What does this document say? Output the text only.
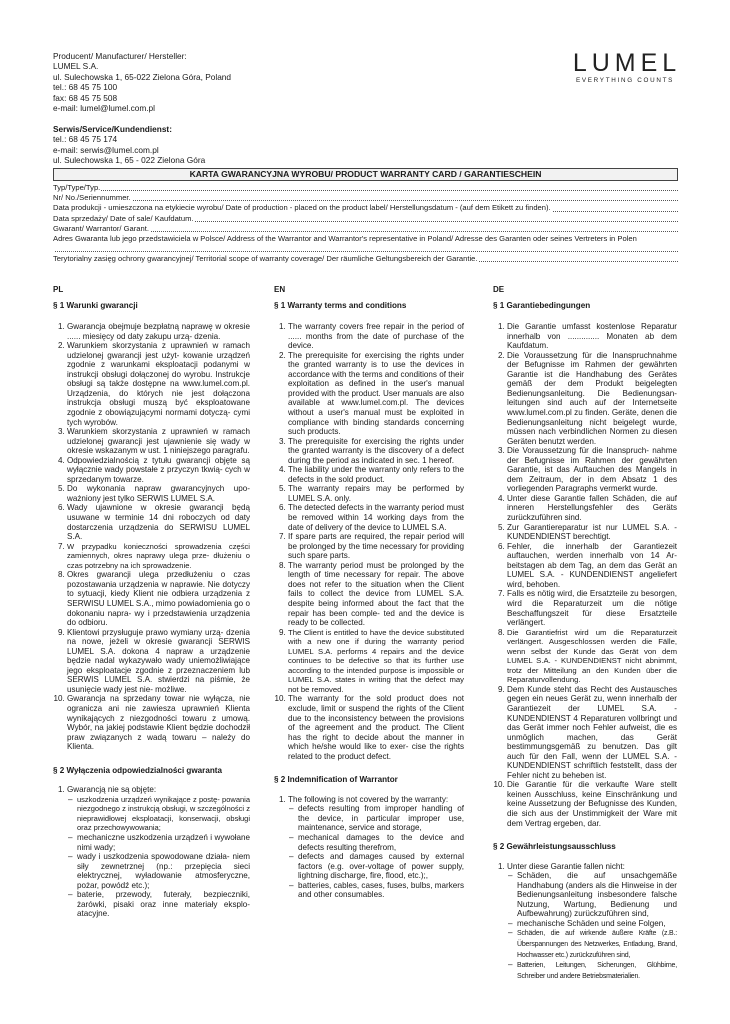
Producent/ Manufacturer/ Hersteller:
LUMEL S.A.
ul. Sulechowska 1, 65-022 Zielona Góra, Poland
tel.: 68 45 75 100
fax: 68 45 75 508
e-mail: lumel@lumel.com.pl
LUMEL
EVERYTHING COUNTS
Serwis/Service/Kundendienst:
tel.: 68 45 75 174
e-mail: serwis@lumel.com.pl
ul. Sulechowska 1, 65 - 022 Zielona Góra
KARTA GWARANCYJNA WYROBU/ PRODUCT WARRANTY CARD / GARANTIESCHEIN
Typ/Type/Typ.
Nr/ No./Seriennummer.
Data produkcji - umieszczona na etykiecie wyrobu/ Date of production - placed on the product label/ Herstellungsdatum - (auf dem Etikett zu finden).
Data sprzedaży/ Date of sale/ Kaufdatum.
Gwarant/ Warrantor/ Garant.
Adres Gwaranta lub jego przedstawiciela w Polsce/ Address of the Warrantor and Warrantor's representative in Poland/ Adresse des Garanten oder seines Vertreters in Polen
Terytorialny zasięg ochrony gwarancyjnej/ Territorial scope of warranty coverage/ Der räumliche Geltungsbereich der Garantie.
PL
§ 1 Warunki gwarancji
1. Gwarancja obejmuje bezpłatną naprawę w okresie ...... miesięcy od daty zakupu urzą- dzenia.
2. Warunkiem skorzystania z uprawnień w ramach udzielonej gwarancji jest użyt- kowanie urządzeń zgodnie z warunkami eksploatacji podanymi w instrukcji obsługi dołączonej do wyrobu. Instrukcje obsługi są także dostępne na www.lumel.com.pl. Urządzenia, do których nie jest dołączona instrukcja obsługi muszą być eksploatowane zgodnie z obowiązującymi normami dotyczą- cymi tych wyrobów.
3. Warunkiem skorzystania z uprawnień w ramach udzielonej gwarancji jest ujawnienie się wady w okresie wskazanym w ust. 1 niniejszego paragrafu.
4. Odpowiedzialnością z tytułu gwarancji objęte są wyłącznie wady powstałe z przyczyn tkwią- cych w sprzedanym towarze.
5. Do wykonania napraw gwarancyjnych upo- ważniony jest tylko SERWIS LUMEL S.A.
6. Wady ujawnione w okresie gwarancji będą usuwane w terminie 14 dni roboczych od daty dostarczenia urządzenia do SERWISU LUMEL S.A.
7. W przypadku konieczności sprowadzenia części zamiennych, okres naprawy ulega prze- dłużeniu o czas potrzebny na ich sprowadzenie.
8. Okres gwarancji ulega przedłużeniu o czas pozostawania urządzenia w naprawie. Nie dotyczy to sytuacji, kiedy Klient nie odbiera urządzenia z SERWISU LUMEL S.A., mimo powiadomienia go o dokonaniu napra- wy i przedstawienia urządzenia do odbioru.
9. Klientowi przysługuje prawo wymiany urzą- dzenia na nowe, jeżeli w okresie gwarancji SERWIS LUMEL S.A. dokona 4 napraw a urządzenie będzie nadal wykazywało wady uniemożliwiające jego eksploatacje zgodnie z przeznaczeniem lub SERWIS LUMEL S.A. stwierdzi na piśmie, że usunięcie wady jest nie- możliwe.
10. Gwarancja na sprzedany towar nie wyłącza, nie ogranicza ani nie zawiesza uprawnień Klienta wynikających z niezgodności towaru z umową. Wybór, na jakiej podstawie Klient będzie dochodził praw związanych z wadą towaru – należy do Klienta.
§ 2 Wyłączenia odpowiedzialności gwaranta
1. Gwarancją nie są objęte:
– uszkodzenia urządzeń wynikające z postę- powania niezgodnego z instrukcją obsługi, w szczególności z nieprawidłowej eksploatacji, konserwacji, obsługi oraz przechowywowania;
– mechaniczne uszkodzenia urządzeń i wywołane nimi wady;
– wady i uszkodzenia spowodowane działa- niem siły zewnetrznej (np.: przepięcia sieci elektrycznej, wyładowanie atmosferyczne, pożar, powódź etc.);
– baterie, przewody, futerały, bezpieczniki, żarówki, pisaki oraz inne materiały eksplo- atacyjne.
EN
§ 1 Warranty terms and conditions
1. The warranty covers free repair in the period of ...... months from the date of purchase of the device.
2. The prerequisite for exercising the rights under the granted warranty is to use the devices in accordance with the terms and conditions of their exploitation as defined in the user's manual provided with the product. User manuals are also available at www.lumel.com.pl. The devices without a user's manual must be exploited in compliance with binding standards concerning such products.
3. The prerequisite for exercising the rights under the granted warranty is the discovery of a defect during the period as indicated in sec. 1 hereof.
4. The liability under the warranty only refers to the defects in the sold product.
5. The warranty repairs may be performed by LUMEL S.A. only.
6. The detected defects in the warranty period must be removed within 14 working days from the date of delivery of the device to LUMEL S.A.
7. If spare parts are required, the repair period will be prolonged by the time necessary for providing such spare parts.
8. The warranty period must be prolonged by the length of time necessary for repair. The above does not refer to the situation when the Client fails to collect the device from LUMEL S.A. despite being informed about the fact that the repair has been comple- ted and the device is ready to be collected.
9. The Client is entitled to have the device substituted with a new one if during the warranty period LUMEL S.A. performs 4 repairs and the device continues to be defective so that its further use according to the intended purpose is impossible or LUMEL S.A. states in writing that the defect may not be removed.
10. The warranty for the sold product does not exclude, limit or suspend the rights of the Client due to the inconsistency between the provisions of the agreement and the product. The Client has the right to decide about the manner in which he/she would like to exer- cise the rights related to the product defect.
§ 2 Indemnification of Warrantor
1. The following is not covered by the warranty:
– defects resulting from improper handling of the device, in particular improper use, maintenance, service and storage,
– mechanical damages to the device and defects resulting therefrom,
– defects and damages caused by external factors (e.g. over-voltage of power supply, lightning discharge, fire, flood, etc.);,
– batteries, cables, cases, fuses, bulbs, markers and other consumables.
DE
§ 1 Garantiebedingungen
1. Die Garantie umfasst kostenlose Reparatur innerhalb von .............. Monaten ab dem Kaufdatum.
2. Die Voraussetzung für die Inanspruchnahme der Befugnisse im Rahmen der gewährten Garantie ist die Handhabung des Gerätes gemäß der dem Produkt beigelegten Bedienungsanleitung. Die Bedienungsan- leitungen sind auch auf der Internetseite www.lumel.com.pl zu finden. Geräte, denen die Bedienungsanleitung nicht beigelegt wurde, müssen nach verbindlichen Normen zu diesen Geräten benutzt werden.
3. Die Voraussetzung für die Inanspruch- nahme der Befugnisse im Rahmen der gewährten Garantie, ist das Auftauchen des Mangels in dem Zeitraum, der in dem Absatz 1 des vorliegenden Paragraphs vermerkt wurde.
4. Unter diese Garantie fallen Schäden, die auf inneren Herstellungsfehler des Geräts zurückzuführen sind.
5. Zur Garantiereparatur ist nur LUMEL S.A. - KUNDENDIENST berechtigt.
6. Fehler, die innerhalb der Garantiezeit auftauchen, werden innerhalb von 14 Ar- beitstagen ab dem Tag, an dem das Gerät an LUMEL S.A. - KUNDENDIENST angeliefert wird, behoben.
7. Falls es nötig wird, die Ersatzteile zu besorgen, wird die Reparaturzeit um die nötige Beschaffungszeit für diese Ersatzteile verlängert.
8. Die Garantiefrist wird um die Reparaturzeit verlängert. Ausgeschlossen werden die Fälle, wenn selbst der Kunde das Gerät von dem LUMEL S.A. - KUNDENDIENST nicht abnimmt, trotz der Mitteilung an den Kunden über die Reparaturvollendung.
9. Dem Kunde steht das Recht des Austausches gegen ein neues Gerät zu, wenn innerhalb der Garantiezeit der LUMEL S.A. - KUNDENDIENST 4 Reparaturen vollbringt und das Gerät immer noch Fehler aufweist, die es unmöglich machen, das Gerät bestimmungsgemäß zu benutzen. Das gilt auch für den Fall, wenn der LUMEL S.A. - KUNDENDIENST schriftlich feststellt, dass der Fehler nicht zu beheben ist.
10. Die Garantie für die verkaufte Ware stellt keinen Ausschluss, keine Einschränkung und keine Aussetzung der Befugnisse des Kunden, die sich aus der Unstimmigkeit der Ware mit dem Vertrag ergeben, dar.
§ 2 Gewährleistungsausschluss
1. Unter diese Garantie fallen nicht:
– Schäden, die auf unsachgemäße Handhabung (anders als die Hinweise in der Bedienungsanleitung insbesondere falsche Nutzung, Wartung, Bedienung und Aufbewahrung) zurückzuführen sind,
– mechanische Schäden und seine Folgen,
– Schäden, die auf wirkende äußere Kräfte (z.B.: Überspannungen des Netzwerkes, Entladung, Brand, Hochwasser etc.) zurückzuführen sind,
– Batterien, Leitungen, Sicherungen, Glühbirne, Schreiber und andere Betriebsmaterialien.
